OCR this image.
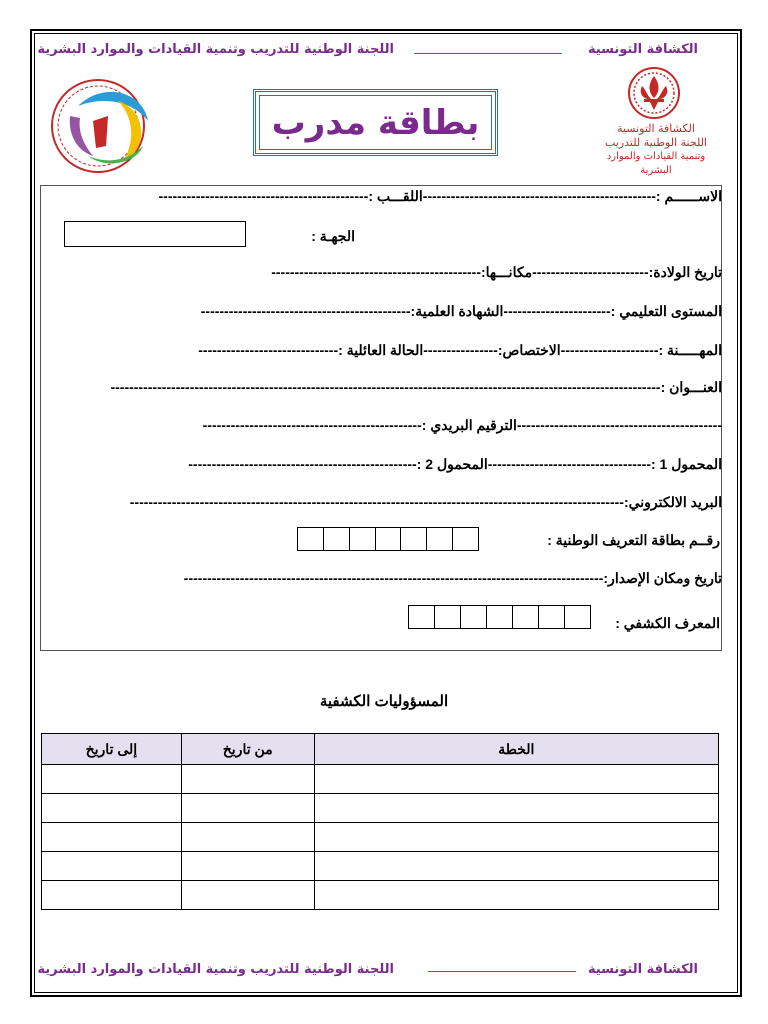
الكشافة التونسية
اللجنة الوطنية للتدريب وتنمية القيادات والموارد البشرية
الكشافة التونسية
اللجنة الوطنية للتدريب
وتنمية القيادات والموارد البشرية
بطاقة مدرب
الاســــــم :--------------------------------------------------اللقـــب :---------------------------------------------
الجهـة :
تاريخ الولادة:-------------------------مكانـــها:---------------------------------------------
المستوى التعليمي :-----------------------الشهادة العلمية:---------------------------------------------
المهـــــنة :---------------------الاختصاص:----------------الحالة العائلية :------------------------------
العنـــوان :----------------------------------------------------------------------------------------------------------------------
--------------------------------------------الترقيم البريدي :-----------------------------------------------
المحمول 1 :-----------------------------------المحمول 2 :-------------------------------------------------
البريد الالكتروني:----------------------------------------------------------------------------------------------------------
رقــم بطاقة التعريف الوطنية :
تاريخ ومكان الإصدار:------------------------------------------------------------------------------------------
المعرف الكشفي :
المسؤوليات الكشفية
إلى تاريخ	من تاريخ	الخطة

الكشافة التونسية
اللجنة الوطنية للتدريب وتنمية القيادات والموارد البشرية
